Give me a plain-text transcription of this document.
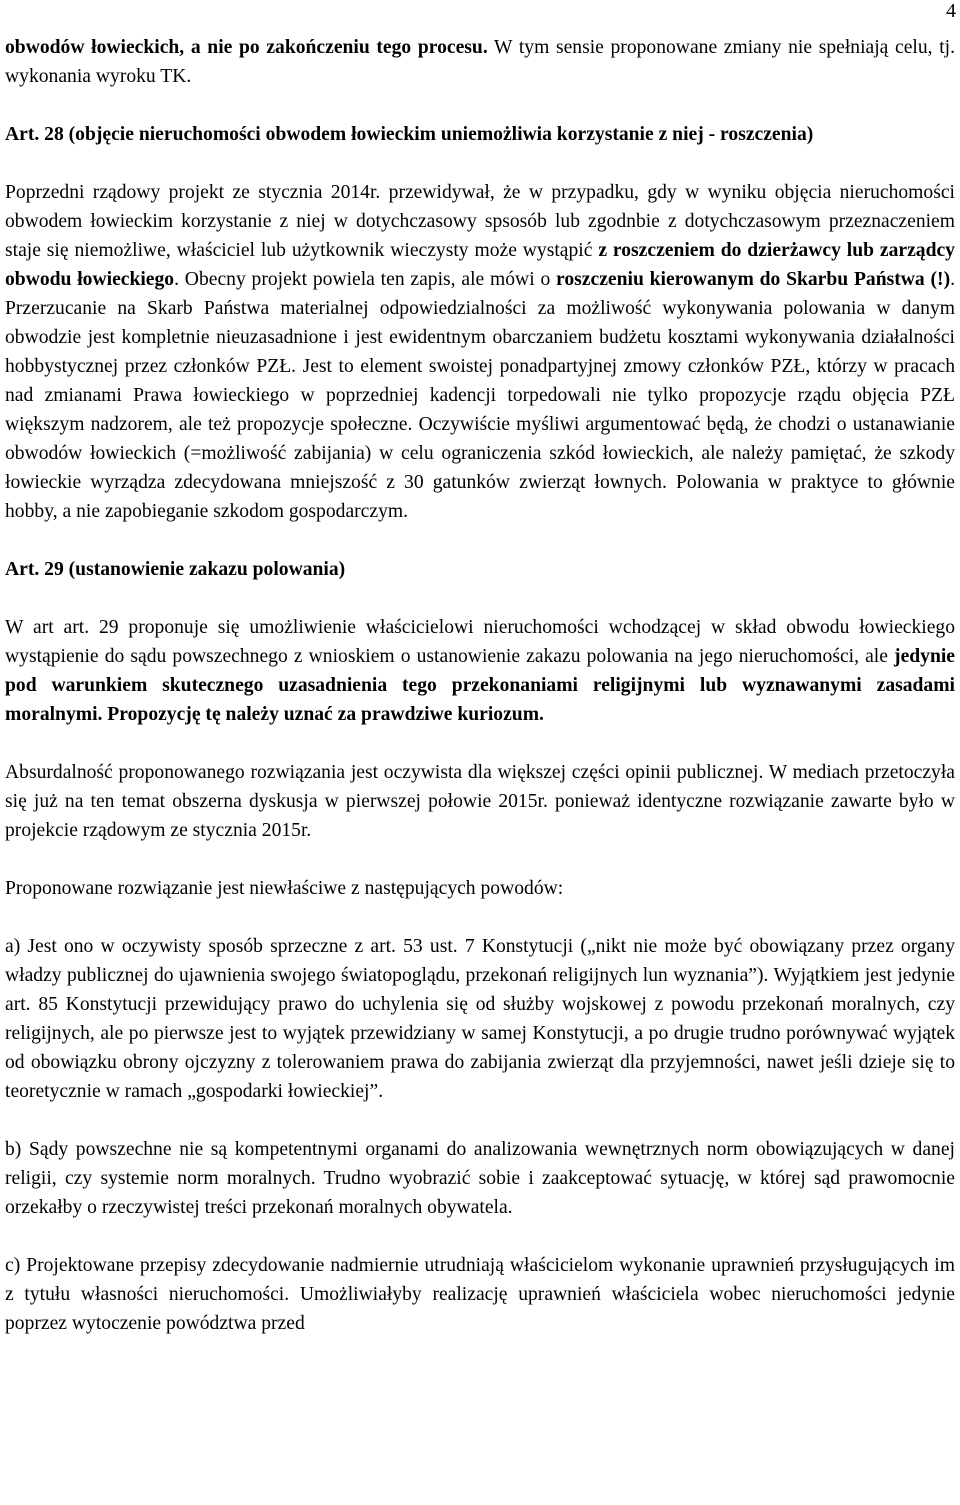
4

obwodów łowieckich, a nie po zakończeniu tego procesu. W tym sensie proponowane zmiany nie spełniają celu, tj. wykonania wyroku TK.

Art. 28 (objęcie nieruchomości obwodem łowieckim uniemożliwia korzystanie z niej - roszczenia)

Poprzedni rządowy projekt ze stycznia 2014r. przewidywał, że w przypadku, gdy w wyniku objęcia nieruchomości obwodem łowieckim korzystanie z niej w dotychczasowy spsosób lub zgodnbie z dotychczasowym przeznaczeniem staje się niemożliwe, właściciel lub użytkownik wieczysty może wystąpić z roszczeniem do dzierżawcy lub zarządcy obwodu łowieckiego. Obecny projekt powiela ten zapis, ale mówi o roszczeniu kierowanym do Skarbu Państwa (!). Przerzucanie na Skarb Państwa materialnej odpowiedzialności za możliwość wykonywania polowania w danym obwodzie jest kompletnie nieuzasadnione i jest ewidentnym obarczaniem budżetu kosztami wykonywania działalności hobbystycznej przez członków PZŁ. Jest to element swoistej ponadpartyjnej zmowy członków PZŁ, którzy w pracach nad zmianami Prawa łowieckiego w poprzedniej kadencji torpedowali nie tylko propozycje rządu objęcia PZŁ większym nadzorem, ale też propozycje społeczne. Oczywiście myśliwi argumentować będą, że chodzi o ustanawianie obwodów łowieckich (=możliwość zabijania) w celu ograniczenia szkód łowieckich, ale należy pamiętać, że szkody łowieckie wyrządza zdecydowana mniejszość z 30 gatunków zwierząt łownych. Polowania w praktyce to głównie hobby, a nie zapobieganie szkodom gospodarczym.

Art. 29 (ustanowienie zakazu polowania)

W art art. 29 proponuje się umożliwienie właścicielowi nieruchomości wchodzącej w skład obwodu łowieckiego wystąpienie do sądu powszechnego z wnioskiem o ustanowienie zakazu polowania na jego nieruchomości, ale jedynie pod warunkiem skutecznego uzasadnienia tego przekonaniami religijnymi lub wyznawanymi zasadami moralnymi. Propozycję tę należy uznać za prawdziwe kuriozum.

Absurdalność proponowanego rozwiązania jest oczywista dla większej części opinii publicznej. W mediach przetoczyła się już na ten temat obszerna dyskusja w pierwszej połowie 2015r. ponieważ identyczne rozwiązanie zawarte było w projekcie rządowym ze stycznia 2015r.

Proponowane rozwiązanie jest niewłaściwe z następujących powodów:

a) Jest ono w oczywisty sposób sprzeczne z art. 53 ust. 7 Konstytucji („nikt nie może być obowiązany przez organy władzy publicznej do ujawnienia swojego światopoglądu, przekonań religijnych lun wyznania”). Wyjątkiem jest jedynie art. 85 Konstytucji przewidujący prawo do uchylenia się od służby wojskowej z powodu przekonań moralnych, czy religijnych, ale po pierwsze jest to wyjątek przewidziany w samej Konstytucji, a po drugie trudno porównywać wyjątek od obowiązku obrony ojczyzny z tolerowaniem prawa do zabijania zwierząt dla przyjemności, nawet jeśli dzieje się to teoretycznie w ramach „gospodarki łowieckiej”.

b) Sądy powszechne nie są kompetentnymi organami do analizowania wewnętrznych norm obowiązujących w danej religii, czy systemie norm moralnych. Trudno wyobrazić sobie i zaakceptować sytuację, w której sąd prawomocnie orzekałby o rzeczywistej treści przekonań moralnych obywatela.

c) Projektowane przepisy zdecydowanie nadmiernie utrudniają właścicielom wykonanie uprawnień przysługujących im z tytułu własności nieruchomości. Umożliwiałyby realizację uprawnień właściciela wobec nieruchomości jedynie poprzez wytoczenie powództwa przed
